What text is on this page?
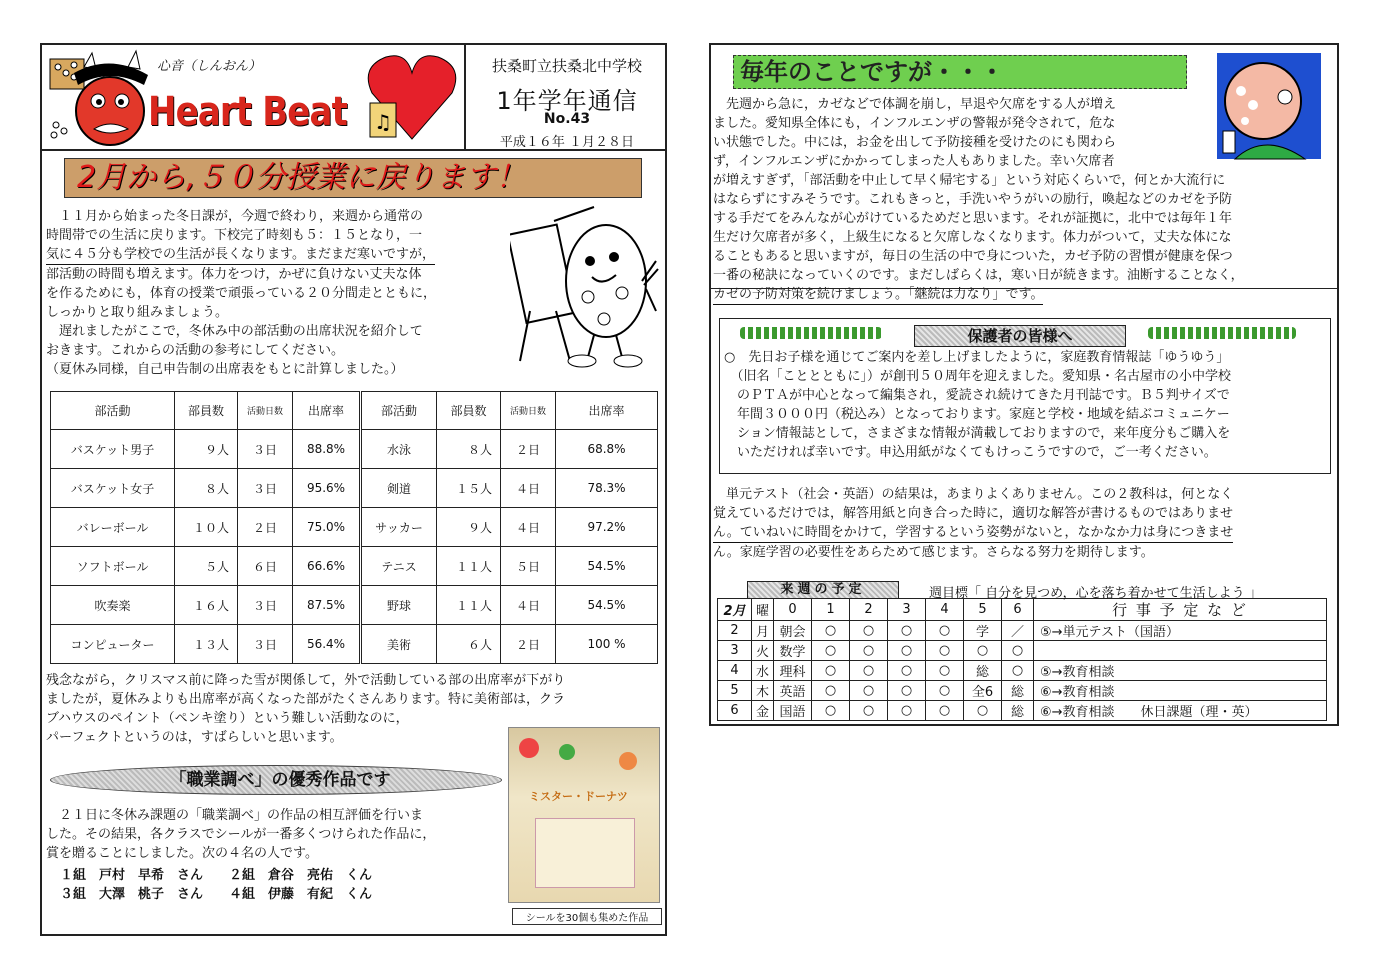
心音（しんおん）
Heart Beat ♫
扶桑町立扶桑北中学校
1年学年通信
No.43
平成１６年 １月２８日
2月から,５０分授業に戻ります！
　１１月から始まった冬日課が，今週で終わり，来週から通常の
時間帯での生活に戻ります。下校完了時刻も５：１５となり，一
気に４５分も学校での生活が長くなります。まだまだ寒いですが，
部活動の時間も増えます。体力をつけ，かぜに負けない丈夫な体
を作るためにも，体育の授業で頑張っている２０分間走とともに，
しっかりと取り組みましょう。
　遅れましたがここで，冬休み中の部活動の出席状況を紹介して
おきます。これからの活動の参考にしてください。
（夏休み同様，自己申告制の出席表をもとに計算しました。）
部活動	部員数	活動日数	出席率	部活動	部員数	活動日数	出席率
バスケット男子	９人	３日	88.8%	水泳	８人	２日	68.8%
バスケット女子	８人	３日	95.6%	剣道	１５人	４日	78.3%
バレーボール	１０人	２日	75.0%	サッカー	９人	４日	97.2%
ソフトボール	５人	６日	66.6%	テニス	１１人	５日	54.5%
吹奏楽	１６人	３日	87.5%	野球	１１人	４日	54.5%
コンピューター	１３人	３日	56.4%	美術	６人	２日	100 %
残念ながら，クリスマス前に降った雪が関係して，外で活動している部の出席率が下がり
ましたが，夏休みよりも出席率が高くなった部がたくさんあります。特に美術部は，クラ
ブハウスのペイント（ペンキ塗り）という難しい活動なのに，
パーフェクトというのは，すばらしいと思います。
「職業調べ」の優秀作品です
　２１日に冬休み課題の「職業調べ」の作品の相互評価を行いま
した。その結果，各クラスでシールが一番多くつけられた作品に，
賞を贈ることにしました。次の４名の人です。
１組　戸村　早希　さん　　２組　倉谷　亮佑　くん
３組　大澤　桃子　さん　　４組　伊藤　有紀　くん
ミスター・ドーナツ
シールを30個も集めた作品
毎年のことですが・・・
　先週から急に，カゼなどで体調を崩し，早退や欠席をする人が増え
ました。愛知県全体にも，インフルエンザの警報が発令されて，危な
い状態でした。中には，お金を出して予防接種を受けたのにも関わら
ず，インフルエンザにかかってしまった人もありました。幸い欠席者
が増えすぎず，「部活動を中止して早く帰宅する」という対応くらいで，何とか大流行に
はならずにすみそうです。これもきっと，手洗いやうがいの励行，喚起などのカゼを予防
する手だてをみんなが心がけているためだと思います。それが証拠に，北中では毎年１年
生だけ欠席者が多く，上級生になると欠席しなくなります。体力がついて，丈夫な体にな
ることもあると思いますが，毎日の生活の中で身についた，カゼ予防の習慣が健康を保つ
一番の秘訣になっていくのです。まだしばらくは，寒い日が続きます。油断することなく，
カゼの予防対策を続けましょう。「継続は力なり」です。
保護者の皆様へ
○　先日お子様を通じてご案内を差し上げましたように，家庭教育情報誌「ゆうゆう」
　（旧名「こととともに」）が創刊５０周年を迎えました。愛知県・名古屋市の小中学校
　のＰＴＡが中心となって編集され，愛読され続けてきた月刊誌です。Ｂ５判サイズで
　年間３０００円（税込み）となっております。家庭と学校・地域を結ぶコミュニケー
　ション情報誌として，さまざまな情報が満載しておりますので，来年度分もご購入を
　いただければ幸いです。申込用紙がなくてもけっこうですので，ご一考ください。
　単元テスト（社会・英語）の結果は，あまりよくありません。この２教科は，何となく
覚えているだけでは，解答用紙と向き合った時に，適切な解答が書けるものではありませ
ん。ていねいに時間をかけて，学習するという姿勢がないと，なかなか力は身につきませ
ん。家庭学習の必要性をあらためて感じます。さらなる努力を期待します。
来週の予定	週目標「 自分を見つめ，心を落ち着かせて生活しよう 」
2月	曜	0	1	2	3	4	5	6	行 事 予 定 な ど
2	月	朝会	○	○	○	○	学	／	⑤→単元テスト（国語）
3	火	数学	○	○	○	○	○	○	
4	水	理科	○	○	○	○	総	○	⑤→教育相談
5	木	英語	○	○	○	○	全6	総	⑥→教育相談
6	金	国語	○	○	○	○	○	総	⑥→教育相談　　休日課題（理・英）
